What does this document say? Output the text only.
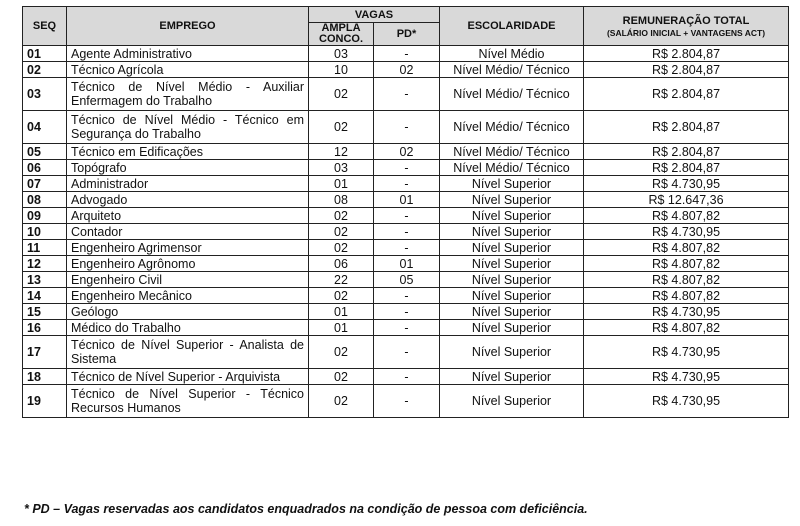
SEQ	EMPREGO	VAGAS		ESCOLARIDADE	REMUNERAÇÃO TOTAL
(SALÁRIO INICIAL + VANTAGENS ACT)

		AMPLA CONCO.	PD*		
01	Agente Administrativo	03	-	Nível Médio	R$ 2.804,87
02	Técnico Agrícola	10	02	Nível Médio/ Técnico	R$ 2.804,87
03	Técnico de Nível Médio - Auxiliar Enfermagem do Trabalho	02	-	Nível Médio/ Técnico	R$ 2.804,87
04	Técnico de Nível Médio - Técnico em Segurança do Trabalho	02	-	Nível Médio/ Técnico	R$ 2.804,87
05	Técnico em Edificações	12	02	Nível Médio/ Técnico	R$ 2.804,87
06	Topógrafo	03	-	Nível Médio/ Técnico	R$ 2.804,87
07	Administrador	01	-	Nível Superior	R$ 4.730,95
08	Advogado	08	01	Nível Superior	R$ 12.647,36
09	Arquiteto	02	-	Nível Superior	R$ 4.807,82
10	Contador	02	-	Nível Superior	R$ 4.730,95
11	Engenheiro Agrimensor	02	-	Nível Superior	R$ 4.807,82
12	Engenheiro Agrônomo	06	01	Nível Superior	R$ 4.807,82
13	Engenheiro Civil	22	05	Nível Superior	R$ 4.807,82
14	Engenheiro Mecânico	02	-	Nível Superior	R$ 4.807,82
15	Geólogo	01	-	Nível Superior	R$ 4.730,95
16	Médico do Trabalho	01	-	Nível Superior	R$ 4.807,82
17	Técnico de Nível Superior - Analista de Sistema	02	-	Nível Superior	R$ 4.730,95
18	Técnico de Nível Superior - Arquivista	02	-	Nível Superior	R$ 4.730,95
19	Técnico de Nível Superior - Técnico Recursos Humanos	02	-	Nível Superior	R$ 4.730,95
* PD – Vagas reservadas aos candidatos enquadrados na condição de pessoa com deficiência.
